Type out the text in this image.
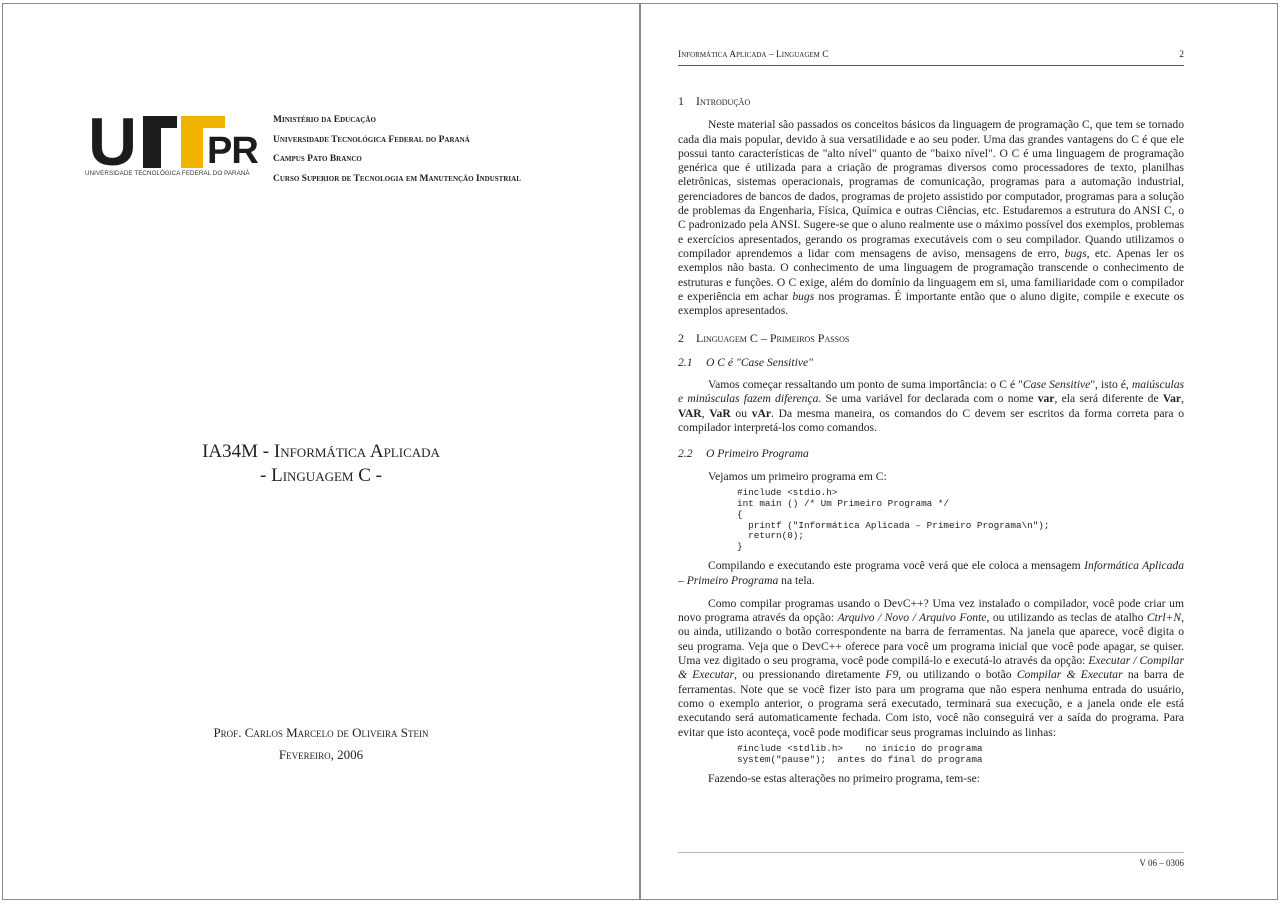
U PR
UNIVERSIDADE TECNOLÓGICA FEDERAL DO PARANÁ
Ministério da Educação
Universidade Tecnológica Federal do Paraná
Campus Pato Branco
Curso Superior de Tecnologia em Manutenção Industrial
IA34M - Informática Aplicada
- Linguagem C -
Prof. Carlos Marcelo de Oliveira Stein
Fevereiro, 2006
Informática Aplicada – Linguagem C	2
1 Introdução

Neste material são passados os conceitos básicos da linguagem de programação C, que tem se tornado cada dia mais popular, devido à sua versatilidade e ao seu poder. Uma das grandes vantagens do C é que ele possui tanto características de "alto nível" quanto de "baixo nível". O C é uma linguagem de programação genérica que é utilizada para a criação de programas diversos como processadores de texto, planilhas eletrônicas, sistemas operacionais, programas de comunicação, programas para a automação industrial, gerenciadores de bancos de dados, programas de projeto assistido por computador, programas para a solução de problemas da Engenharia, Física, Química e outras Ciências, etc. Estudaremos a estrutura do ANSI C, o C padronizado pela ANSI. Sugere-se que o aluno realmente use o máximo possível dos exemplos, problemas e exercícios apresentados, gerando os programas executáveis com o seu compilador. Quando utilizamos o compilador aprendemos a lidar com mensagens de aviso, mensagens de erro, bugs, etc. Apenas ler os exemplos não basta. O conhecimento de uma linguagem de programação transcende o conhecimento de estruturas e funções. O C exige, além do domínio da linguagem em si, uma familiaridade com o compilador e experiência em achar bugs nos programas. É importante então que o aluno digite, compile e execute os exemplos apresentados.

2 Linguagem C – Primeiros Passos
2.1 O C é "Case Sensitive"

Vamos começar ressaltando um ponto de suma importância: o C é "Case Sensitive", isto é, maiúsculas e minúsculas fazem diferença. Se uma variável for declarada com o nome var, ela será diferente de Var, VAR, VaR ou vAr. Da mesma maneira, os comandos do C devem ser escritos da forma correta para o compilador interpretá-los como comandos.

2.2 O Primeiro Programa

Vejamos um primeiro programa em C:

#include <stdio.h>
int main () /* Um Primeiro Programa */
{
printf ("Informática Aplicada – Primeiro Programa\n");
return(0);
}

Compilando e executando este programa você verá que ele coloca a mensagem Informática Aplicada – Primeiro Programa na tela.

Como compilar programas usando o DevC++? Uma vez instalado o compilador, você pode criar um novo programa através da opção: Arquivo / Novo / Arquivo Fonte, ou utilizando as teclas de atalho Ctrl+N, ou ainda, utilizando o botão correspondente na barra de ferramentas. Na janela que aparece, você digita o seu programa. Veja que o DevC++ oferece para você um programa inicial que você pode apagar, se quiser. Uma vez digitado o seu programa, você pode compilá-lo e executá-lo através da opção: Executar / Compilar & Executar, ou pressionando diretamente F9, ou utilizando o botão Compilar & Executar na barra de ferramentas. Note que se você fizer isto para um programa que não espera nenhuma entrada do usuário, como o exemplo anterior, o programa será executado, terminará sua execução, e a janela onde ele está executando será automaticamente fechada. Com isto, você não conseguirá ver a saída do programa. Para evitar que isto aconteça, você pode modificar seus programas incluindo as linhas:

#include <stdlib.h>    no início do programa
system("pause");  antes do final do programa

Fazendo-se estas alterações no primeiro programa, tem-se:

V 06 – 0306
